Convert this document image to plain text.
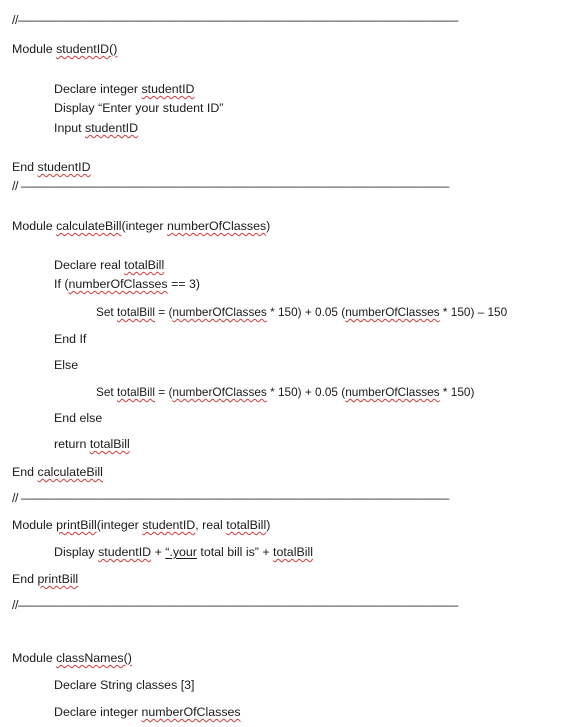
//—————————————————————————————————————
Module studentID()
Declare integer studentID
Display “Enter your student ID”
Input studentID
End studentID
// ————————————————————————————————————
Module calculateBill(integer numberOfClasses)
Declare real totalBill
If (numberOfClasses == 3)
Set totalBill = (numberOfClasses * 150) + 0.05 (numberOfClasses * 150) – 150
End If
Else
Set totalBill = (numberOfClasses * 150) + 0.05 (numberOfClasses * 150)
End else
return totalBill
End calculateBill
// ————————————————————————————————————
Module printBill(integer studentID, real totalBill)
Display studentID + “.your total bill is” + totalBill
End printBill
//—————————————————————————————————————
Module classNames()
Declare String classes [3]
Declare integer numberOfClasses
